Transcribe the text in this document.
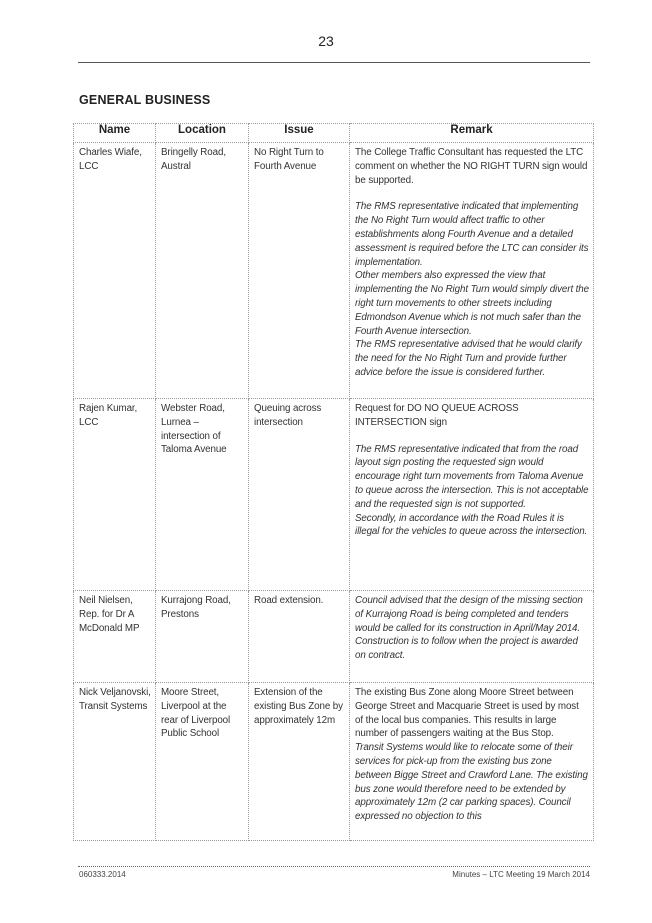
23
GENERAL BUSINESS
Name	Location	Issue	Remark
Charles Wiafe, LCC	Bringelly Road, Austral	No Right Turn to Fourth Avenue	The College Traffic Consultant has requested the LTC comment on whether the NO RIGHT TURN sign would be supported.

The RMS representative indicated that implementing the No Right Turn would affect traffic to other establishments along Fourth Avenue and a detailed assessment is required before the LTC can consider its implementation.

Other members also expressed the view that implementing the No Right Turn would simply divert the right turn movements to other streets including Edmondson Avenue which is not much safer than the Fourth Avenue intersection.

The RMS representative advised that he would clarify the need for the No Right Turn and provide further advice before the issue is considered further.

Rajen Kumar, LCC	Webster Road, Lurnea – intersection of Taloma Avenue	Queuing across intersection	Request for DO NO QUEUE ACROSS INTERSECTION sign

The RMS representative indicated that from the road layout sign posting the requested sign would encourage right turn movements from Taloma Avenue to queue across the intersection. This is not acceptable and the requested sign is not supported.

Secondly, in accordance with the Road Rules it is illegal for the vehicles to queue across the intersection.

Neil Nielsen, Rep. for Dr A McDonald MP	Kurrajong Road, Prestons	Road extension.	Council advised that the design of the missing section of Kurrajong Road is being completed and tenders would be called for its construction in April/May 2014. Construction is to follow when the project is awarded on contract.

Nick Veljanovski, Transit Systems	Moore Street, Liverpool at the rear of Liverpool Public School	Extension of the existing Bus Zone by approximately 12m	The existing Bus Zone along Moore Street between George Street and Macquarie Street is used by most of the local bus companies. This results in large number of passengers waiting at the Bus Stop.

Transit Systems would like to relocate some of their services for pick-up from the existing bus zone between Bigge Street and Crawford Lane. The existing bus zone would therefore need to be extended by approximately 12m (2 car parking spaces). Council expressed no objection to this

060333.2014	Minutes – LTC Meeting 19 March 2014
